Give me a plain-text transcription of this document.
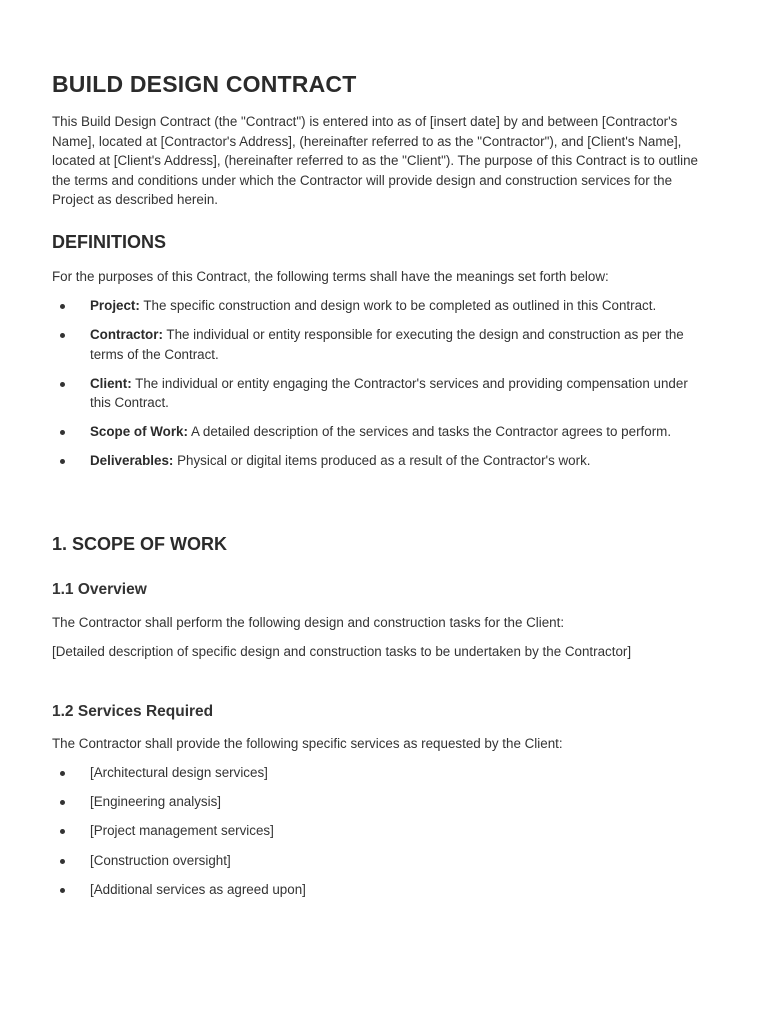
BUILD DESIGN CONTRACT

This Build Design Contract (the "Contract") is entered into as of [insert date] by and between [Contractor's Name], located at [Contractor's Address], (hereinafter referred to as the "Contractor"), and [Client's Name], located at [Client's Address], (hereinafter referred to as the "Client"). The purpose of this Contract is to outline the terms and conditions under which the Contractor will provide design and construction services for the Project as described herein.

DEFINITIONS

For the purposes of this Contract, the following terms shall have the meanings set forth below:

Project: The specific construction and design work to be completed as outlined in this Contract.
Contractor: The individual or entity responsible for executing the design and construction as per the terms of the Contract.
Client: The individual or entity engaging the Contractor's services and providing compensation under this Contract.
Scope of Work: A detailed description of the services and tasks the Contractor agrees to perform.
Deliverables: Physical or digital items produced as a result of the Contractor's work.
1. SCOPE OF WORK
1.1 Overview

The Contractor shall perform the following design and construction tasks for the Client:

[Detailed description of specific design and construction tasks to be undertaken by the Contractor]

1.2 Services Required

The Contractor shall provide the following specific services as requested by the Client:

[Architectural design services]
[Engineering analysis]
[Project management services]
[Construction oversight]
[Additional services as agreed upon]
